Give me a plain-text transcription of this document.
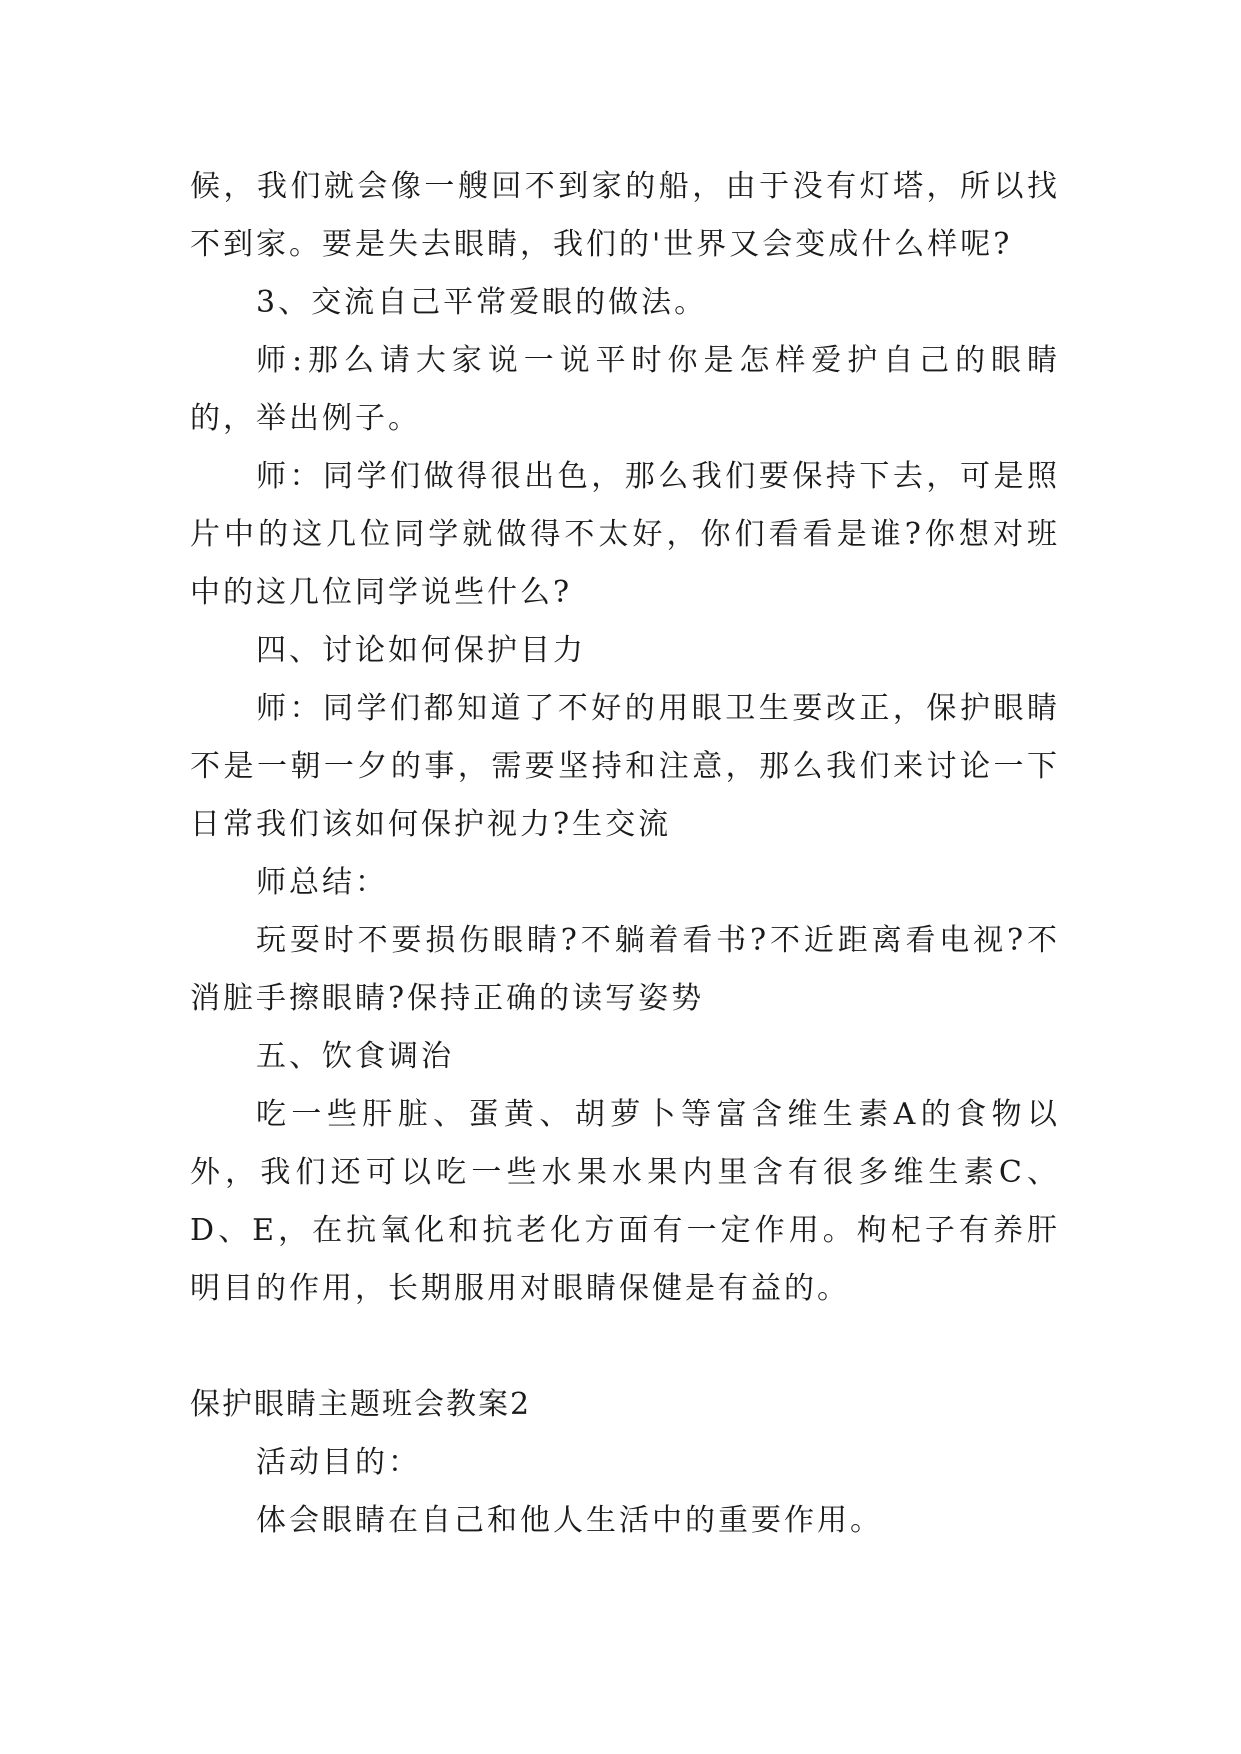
候，我们就会像一艘回不到家的船，由于没有灯塔，所以找不到家。要是失去眼睛，我们的'世界又会变成什么样呢?

3、交流自己平常爱眼的做法。

师:那么请大家说一说平时你是怎样爱护自己的眼睛的，举出例子。

师：同学们做得很出色，那么我们要保持下去，可是照片中的这几位同学就做得不太好，你们看看是谁?你想对班中的这几位同学说些什么?

四、讨论如何保护目力

师：同学们都知道了不好的用眼卫生要改正，保护眼睛不是一朝一夕的事，需要坚持和注意，那么我们来讨论一下日常我们该如何保护视力?生交流

师总结：

玩耍时不要损伤眼睛?不躺着看书?不近距离看电视?不消脏手擦眼睛?保持正确的读写姿势

五、饮食调治

吃一些肝脏、蛋黄、胡萝卜等富含维生素A的食物以外，我们还可以吃一些水果水果内里含有很多维生素C、D、E，在抗氧化和抗老化方面有一定作用。枸杞子有养肝明目的作用，长期服用对眼睛保健是有益的。

保护眼睛主题班会教案2

活动目的：

体会眼睛在自己和他人生活中的重要作用。
